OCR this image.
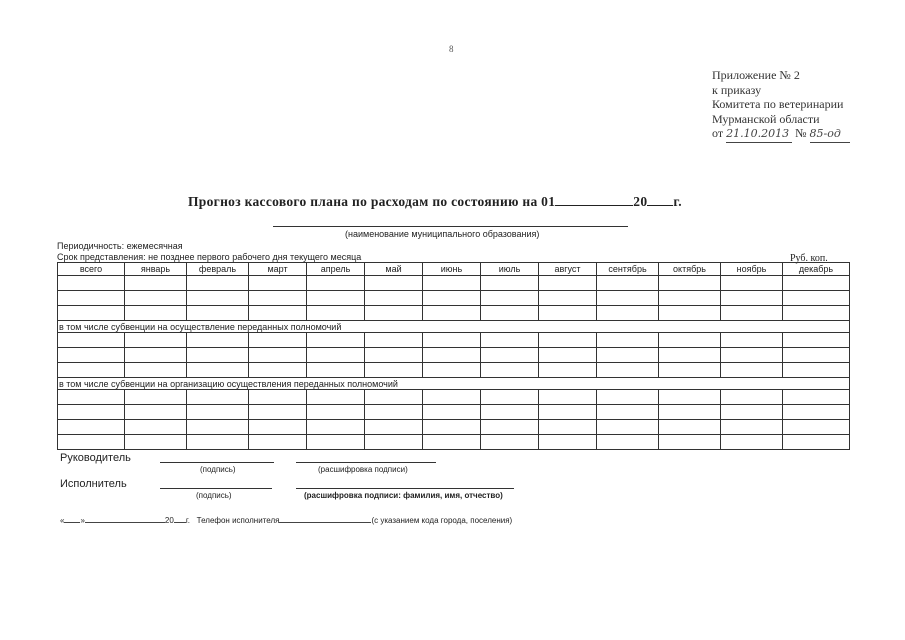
8
Приложение № 2
к приказу
Комитета по ветеринарии
Мурманской области
от 21.10.2013 № 85-од
Прогноз кассового плана по расходам по состоянию на 01	20 г.
(наименование муниципального образования)
Периодичность: ежемесячная
Срок представления: не позднее первого рабочего дня текущего месяца	Руб. коп.
всего	январь	февраль	март	апрель	май	июнь	июль	август	сентябрь	октябрь	ноябрь	декабрь

в том числе субвенции на осуществление переданных полномочий												

в том числе субвенции на организацию осуществления переданных полномочий												

Руководитель
(подпись)	(расшифровка подписи)
Исполнитель
(подпись)	(расшифровка подписи: фамилия, имя, отчество)
« »	20 г. Телефон исполнителя	(с указанием кода города, поселения)
